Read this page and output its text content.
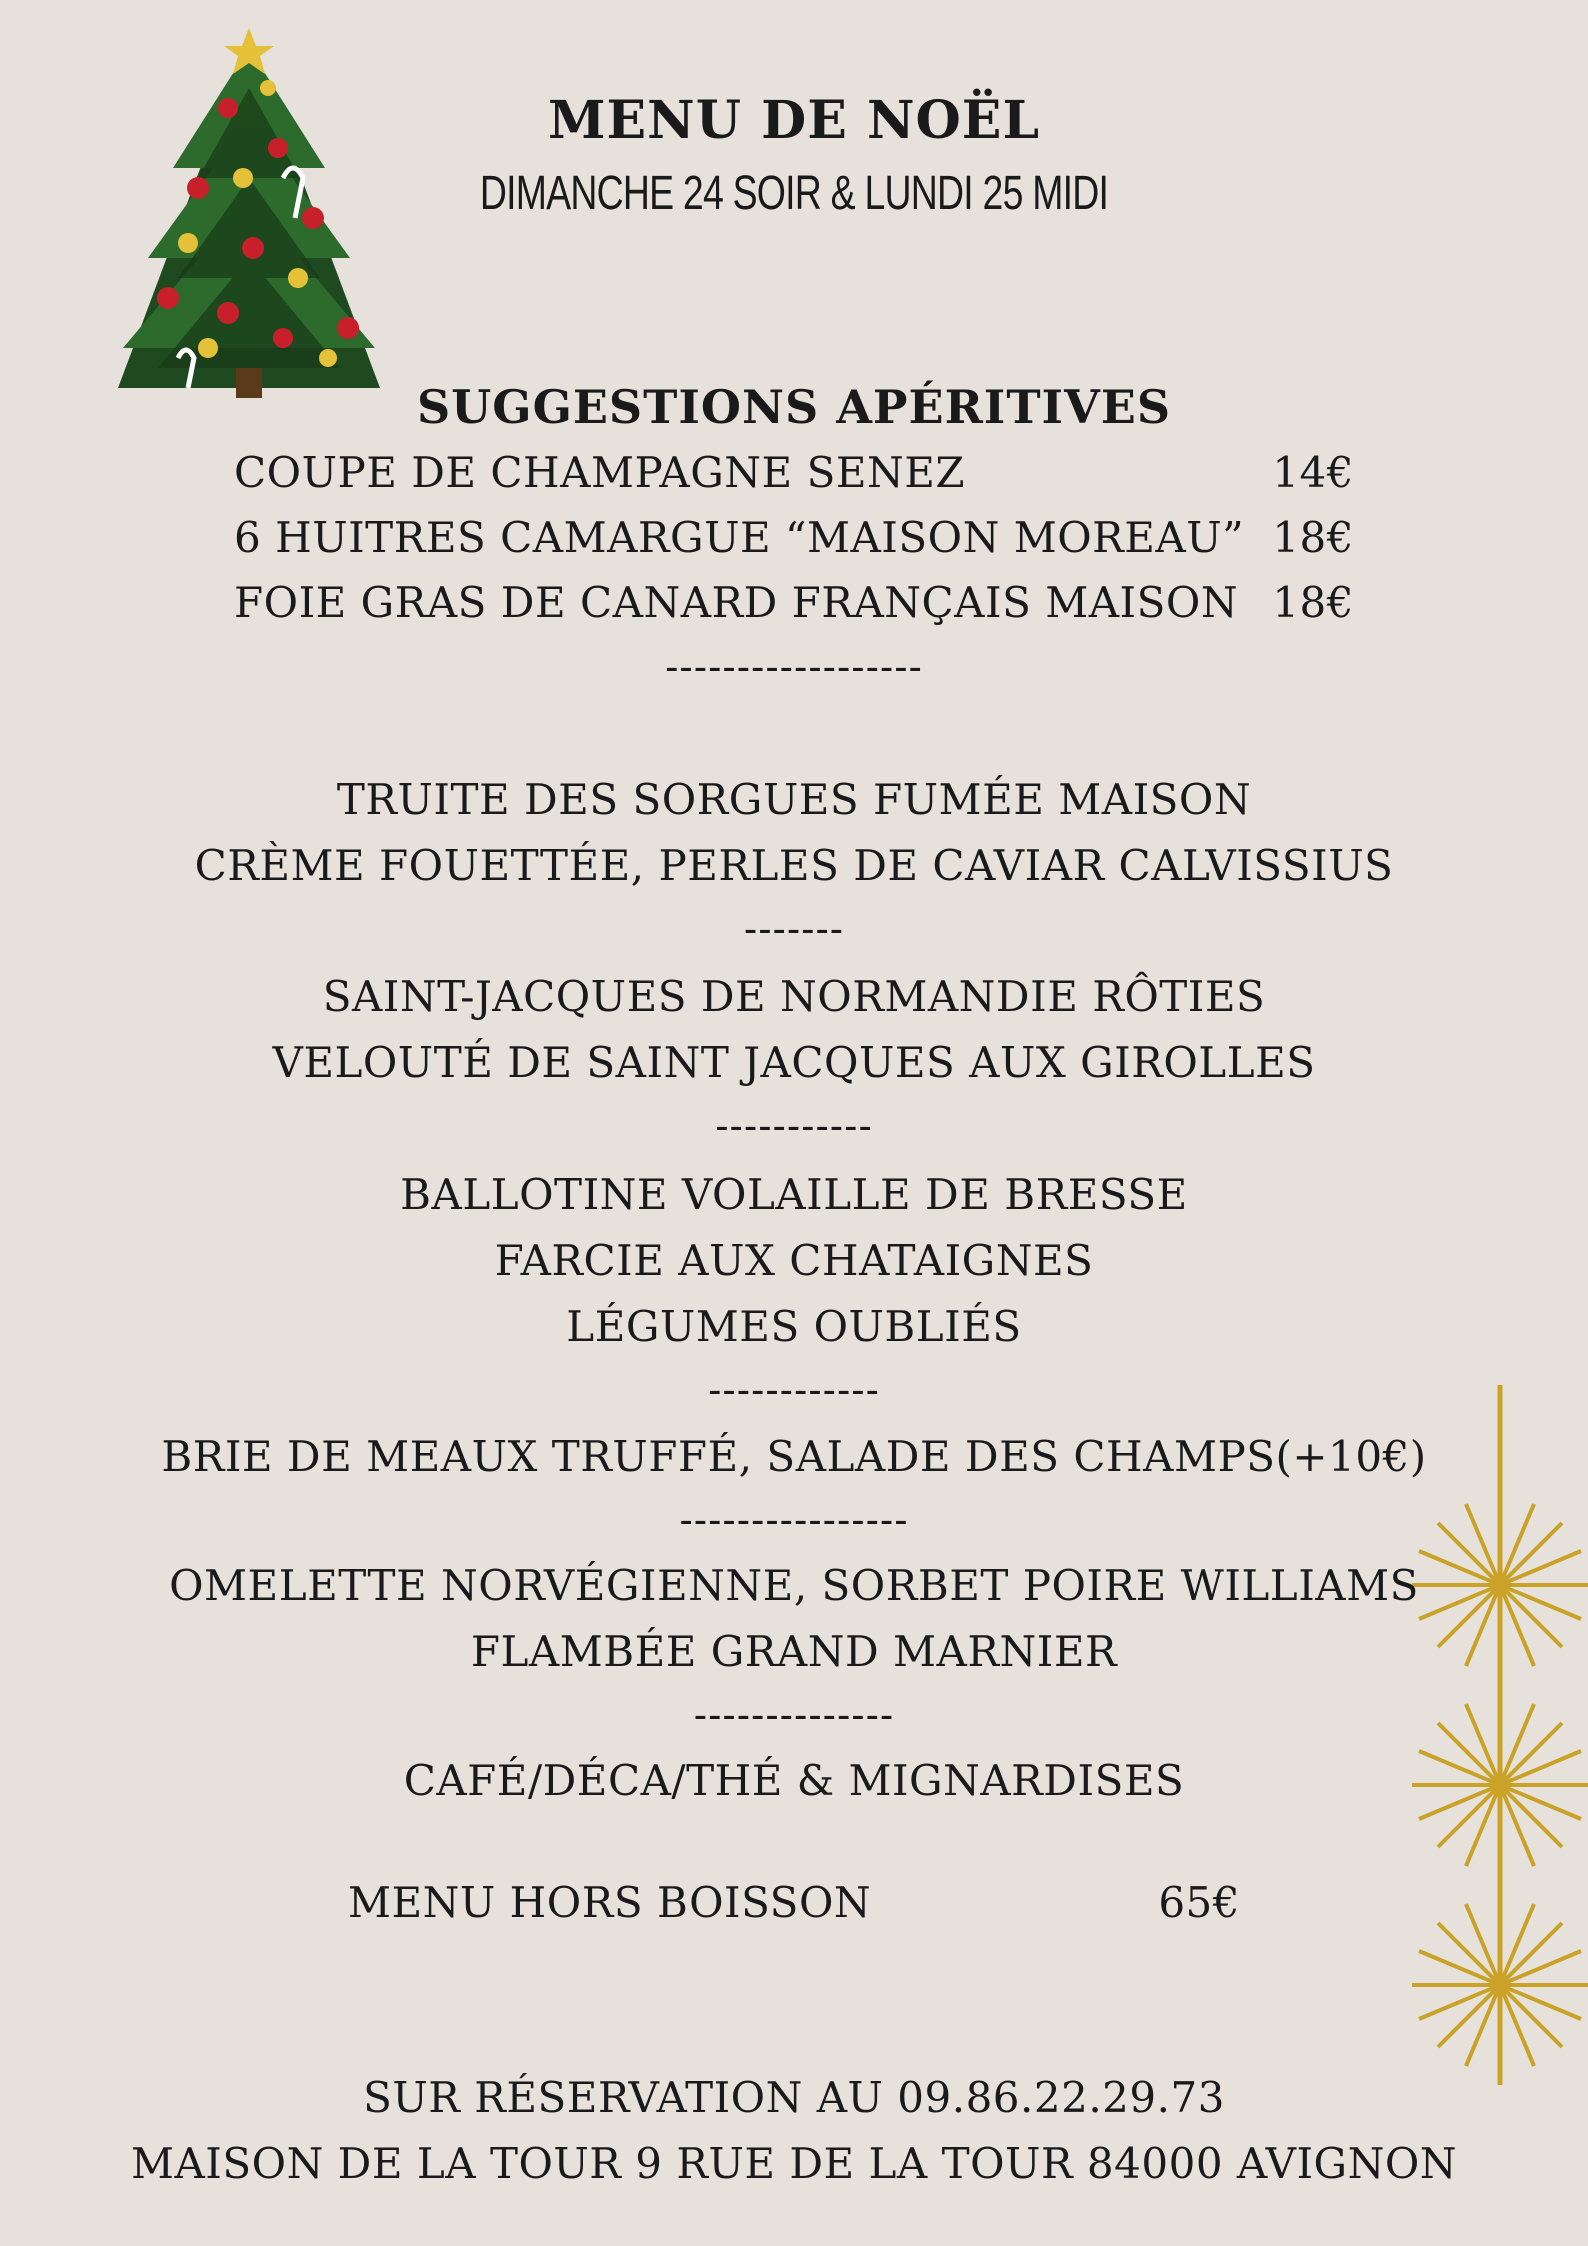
MENU DE NOËL
DIMANCHE 24 SOIR & LUNDI 25 MIDI
SUGGESTIONS APÉRITIVES
COUPE DE CHAMPAGNE SENEZ	14€
6 HUITRES CAMARGUE “MAISON MOREAU” 18€
FOIE GRAS DE CANARD FRANÇAIS MAISON 18€
------------------
TRUITE DES SORGUES FUMÉE MAISON
CRÈME FOUETTÉE, PERLES DE CAVIAR CALVISSIUS
-------
SAINT-JACQUES DE NORMANDIE RÔTIES
VELOUTÉ DE SAINT JACQUES AUX GIROLLES
-----------
BALLOTINE VOLAILLE DE BRESSE
FARCIE AUX CHATAIGNES
LÉGUMES OUBLIÉS
------------
BRIE DE MEAUX TRUFFÉ, SALADE DES CHAMPS(+10€)
----------------
OMELETTE NORVÉGIENNE, SORBET POIRE WILLIAMS
FLAMBÉE GRAND MARNIER
--------------
CAFÉ/DÉCA/THÉ & MIGNARDISES
MENU HORS BOISSON	65€
SUR RÉSERVATION AU 09.86.22.29.73
MAISON DE LA TOUR 9 RUE DE LA TOUR 84000 AVIGNON
